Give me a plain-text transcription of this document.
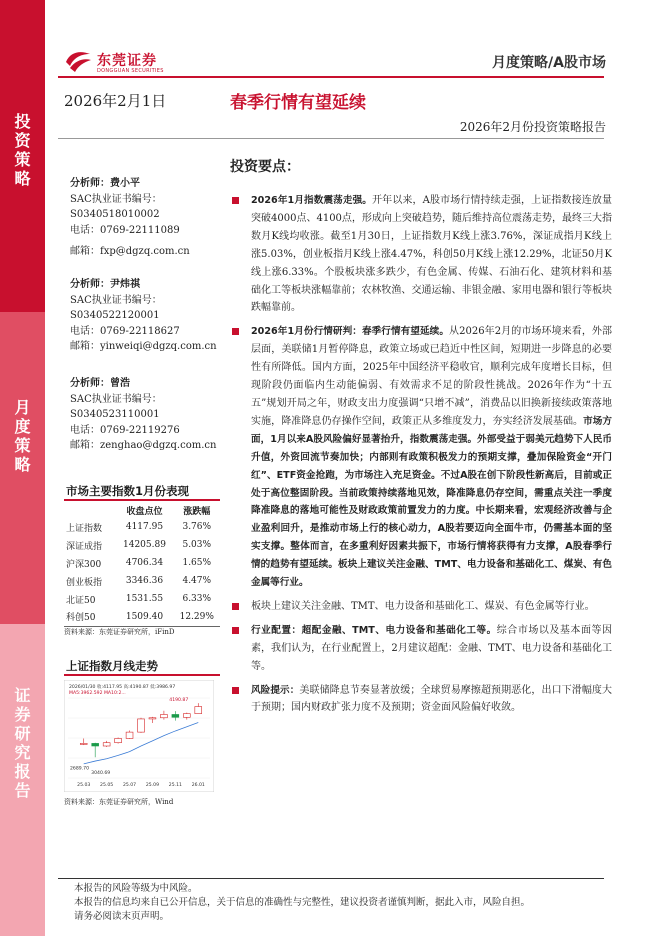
投
资
策
略
月
度
策
略
证
券
研
究
报
告
东莞证券
DONGGUAN SECURITIES	月度策略/A股市场
2026年2月1日	春季行情有望延续
2026年2月份投资策略报告
分析师：费小平
SAC执业证书编号：
S0340518010002
电话：0769-22111089
邮箱：fxp@dgzq.com.cn
分析师：尹炜祺
SAC执业证书编号：
S0340522120001
电话：0769-22118627
邮箱：yinweiqi@dgzq.com.cn
分析师：曾浩
SAC执业证书编号：
S0340523110001
电话：0769-22119276
邮箱：zenghao@dgzq.com.cn
市场主要指数1月份表现
	收盘点位	涨跌幅
上证指数	4117.95	3.76%
深证成指	14205.89	5.03%
沪深300	4706.34	1.65%
创业板指	3346.36	4.47%
北证50	1531.55	6.33%
科创50	1509.40	12.29%
资料来源：东莞证券研究所，iFinD
上证指数月线走势
2026/01/30 收:4117.95 高:4190.87 低:3986.97
MA5:3962.592 MA10:2...
25.03 25.05 25.07 25.09 25.11 26.01
4190.87
2689.70
3040.69
资料来源：东莞证券研究所，Wind
投资要点：
2026年1月指数震荡走强。开年以来，A股市场行情持续走强，上证指数接连放量突破4000点、4100点，形成向上突破趋势，随后维持高位震荡走势，最终三大指数月K线均收涨。截至1月30日，上证指数月K线上涨3.76%，深证成指月K线上涨5.03%，创业板指月K线上涨4.47%，科创50月K线上涨12.29%，北证50月K线上涨6.33%。个股板块涨多跌少，有色金属、传媒、石油石化、建筑材料和基础化工等板块涨幅靠前；农林牧渔、交通运输、非银金融、家用电器和银行等板块跌幅靠前。
2026年1月份行情研判：春季行情有望延续。从2026年2月的市场环境来看，外部层面，美联储1月暂停降息，政策立场或已趋近中性区间，短期进一步降息的必要性有所降低。国内方面，2025年中国经济平稳收官，顺利完成年度增长目标，但现阶段仍面临内生动能偏弱、有效需求不足的阶段性挑战。2026年作为“十五五”规划开局之年，财政支出力度强调“只增不减”，消费品以旧换新接续政策落地实施，降准降息仍存操作空间，政策正从多维度发力，夯实经济发展基础。市场方面，1月以来A股风险偏好显著抬升，指数震荡走强。外部受益于弱美元趋势下人民币升值，外资回流节奏加快；内部则有政策积极发力的预期支撑，叠加保险资金“开门红”、ETF资金抢跑，为市场注入充足资金。不过A股在创下阶段性新高后，目前或正处于高位整固阶段。当前政策持续落地见效，降准降息仍存空间，需重点关注一季度降准降息的落地可能性及财政政策前置发力的力度。中长期来看，宏观经济改善与企业盈利回升，是推动市场上行的核心动力，A股若要迈向全面牛市，仍需基本面的坚实支撑。整体而言，在多重利好因素共振下，市场行情将获得有力支撑，A股春季行情的趋势有望延续。板块上建议关注金融、TMT、电力设备和基础化工、煤炭、有色金属等行业。
板块上建议关注金融、TMT、电力设备和基础化工、煤炭、有色金属等行业。
行业配置：超配金融、TMT、电力设备和基础化工等。综合市场以及基本面等因素，我们认为，在行业配置上，2月建议超配：金融、TMT、电力设备和基础化工等。
风险提示：美联储降息节奏显著放缓；全球贸易摩擦超预期恶化，出口下滑幅度大于预期；国内财政扩张力度不及预期；资金面风险偏好收敛。
本报告的风险等级为中风险。
本报告的信息均来自已公开信息，关于信息的准确性与完整性，建议投资者谨慎判断，据此入市，风险自担。
请务必阅读末页声明。
